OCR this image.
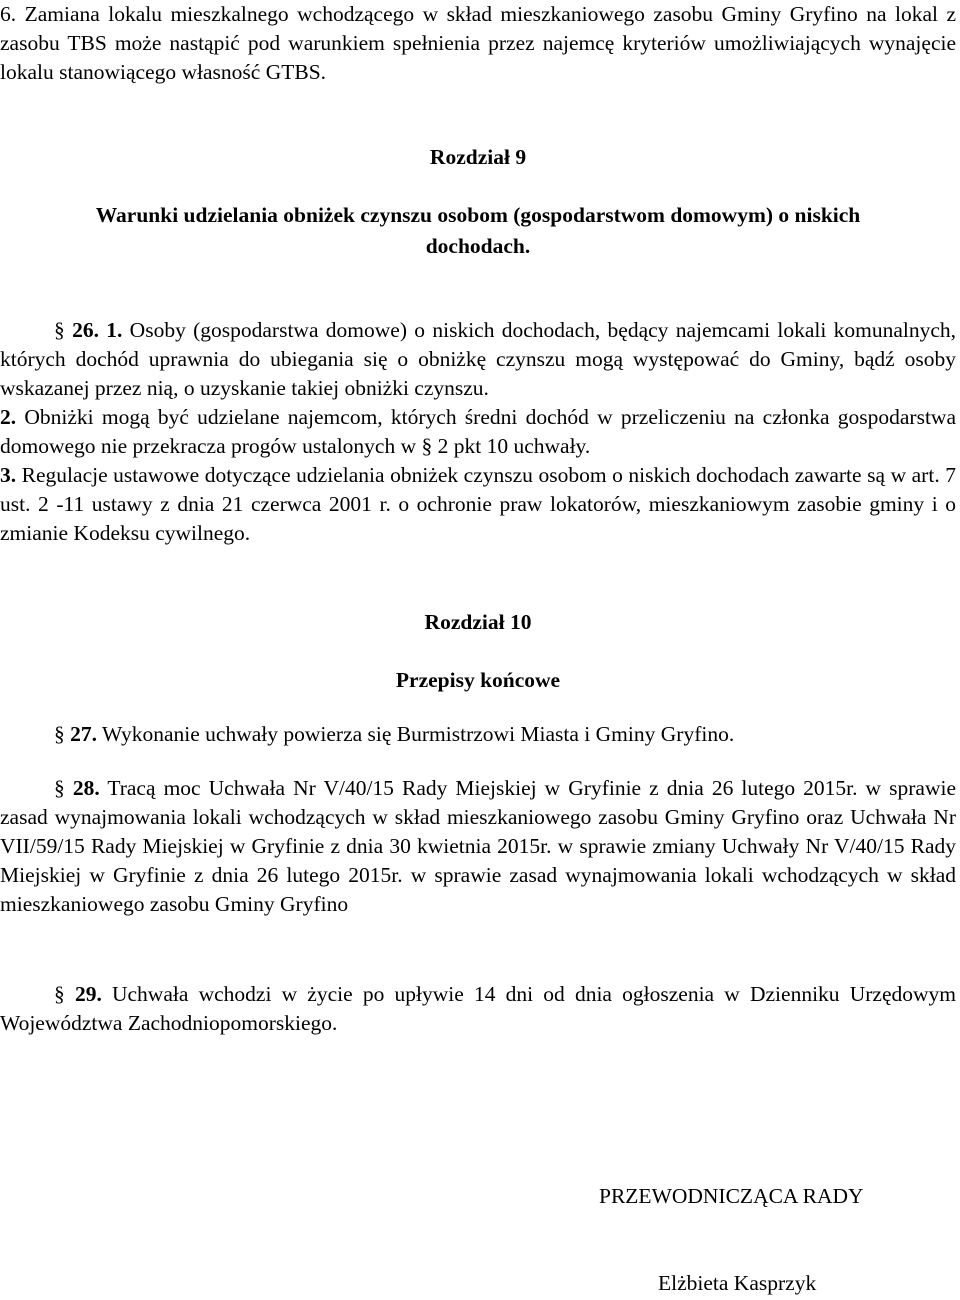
6. Zamiana lokalu mieszkalnego wchodzącego w skład mieszkaniowego zasobu Gminy Gryfino na lokal z zasobu TBS może nastąpić pod warunkiem spełnienia przez najemcę kryteriów umożliwiających wynajęcie lokalu stanowiącego własność GTBS.

Rozdział 9

Warunki udzielania obniżek czynszu osobom (gospodarstwom domowym) o niskich

dochodach.

§ 26. 1. Osoby (gospodarstwa domowe) o niskich dochodach, będący najemcami lokali komunalnych, których dochód uprawnia do ubiegania się o obniżkę czynszu mogą występować do Gminy, bądź osoby wskazanej przez nią, o uzyskanie takiej obniżki czynszu.
2. Obniżki mogą być udzielane najemcom, których średni dochód w przeliczeniu na członka gospodarstwa domowego nie przekracza progów ustalonych w § 2 pkt 10 uchwały.
3. Regulacje ustawowe dotyczące udzielania obniżek czynszu osobom o niskich dochodach zawarte są w art. 7 ust. 2 -11 ustawy z dnia 21 czerwca 2001 r. o ochronie praw lokatorów, mieszkaniowym zasobie gminy i o zmianie Kodeksu cywilnego.

Rozdział 10

Przepisy końcowe

§ 27. Wykonanie uchwały powierza się Burmistrzowi Miasta i Gminy Gryfino.

§ 28. Tracą moc Uchwała Nr V/40/15 Rady Miejskiej w Gryfinie z dnia 26 lutego 2015r. w sprawie zasad wynajmowania lokali wchodzących w skład mieszkaniowego zasobu Gminy Gryfino oraz Uchwała Nr VII/59/15 Rady Miejskiej w Gryfinie z dnia 30 kwietnia 2015r. w sprawie zmiany Uchwały Nr V/40/15 Rady Miejskiej w Gryfinie z dnia 26 lutego 2015r. w sprawie zasad wynajmowania lokali wchodzących w skład mieszkaniowego zasobu Gminy Gryfino

§ 29. Uchwała wchodzi w życie po upływie 14 dni od dnia ogłoszenia w Dzienniku Urzędowym Województwa Zachodniopomorskiego.

PRZEWODNICZĄCA RADY

Elżbieta Kasprzyk
